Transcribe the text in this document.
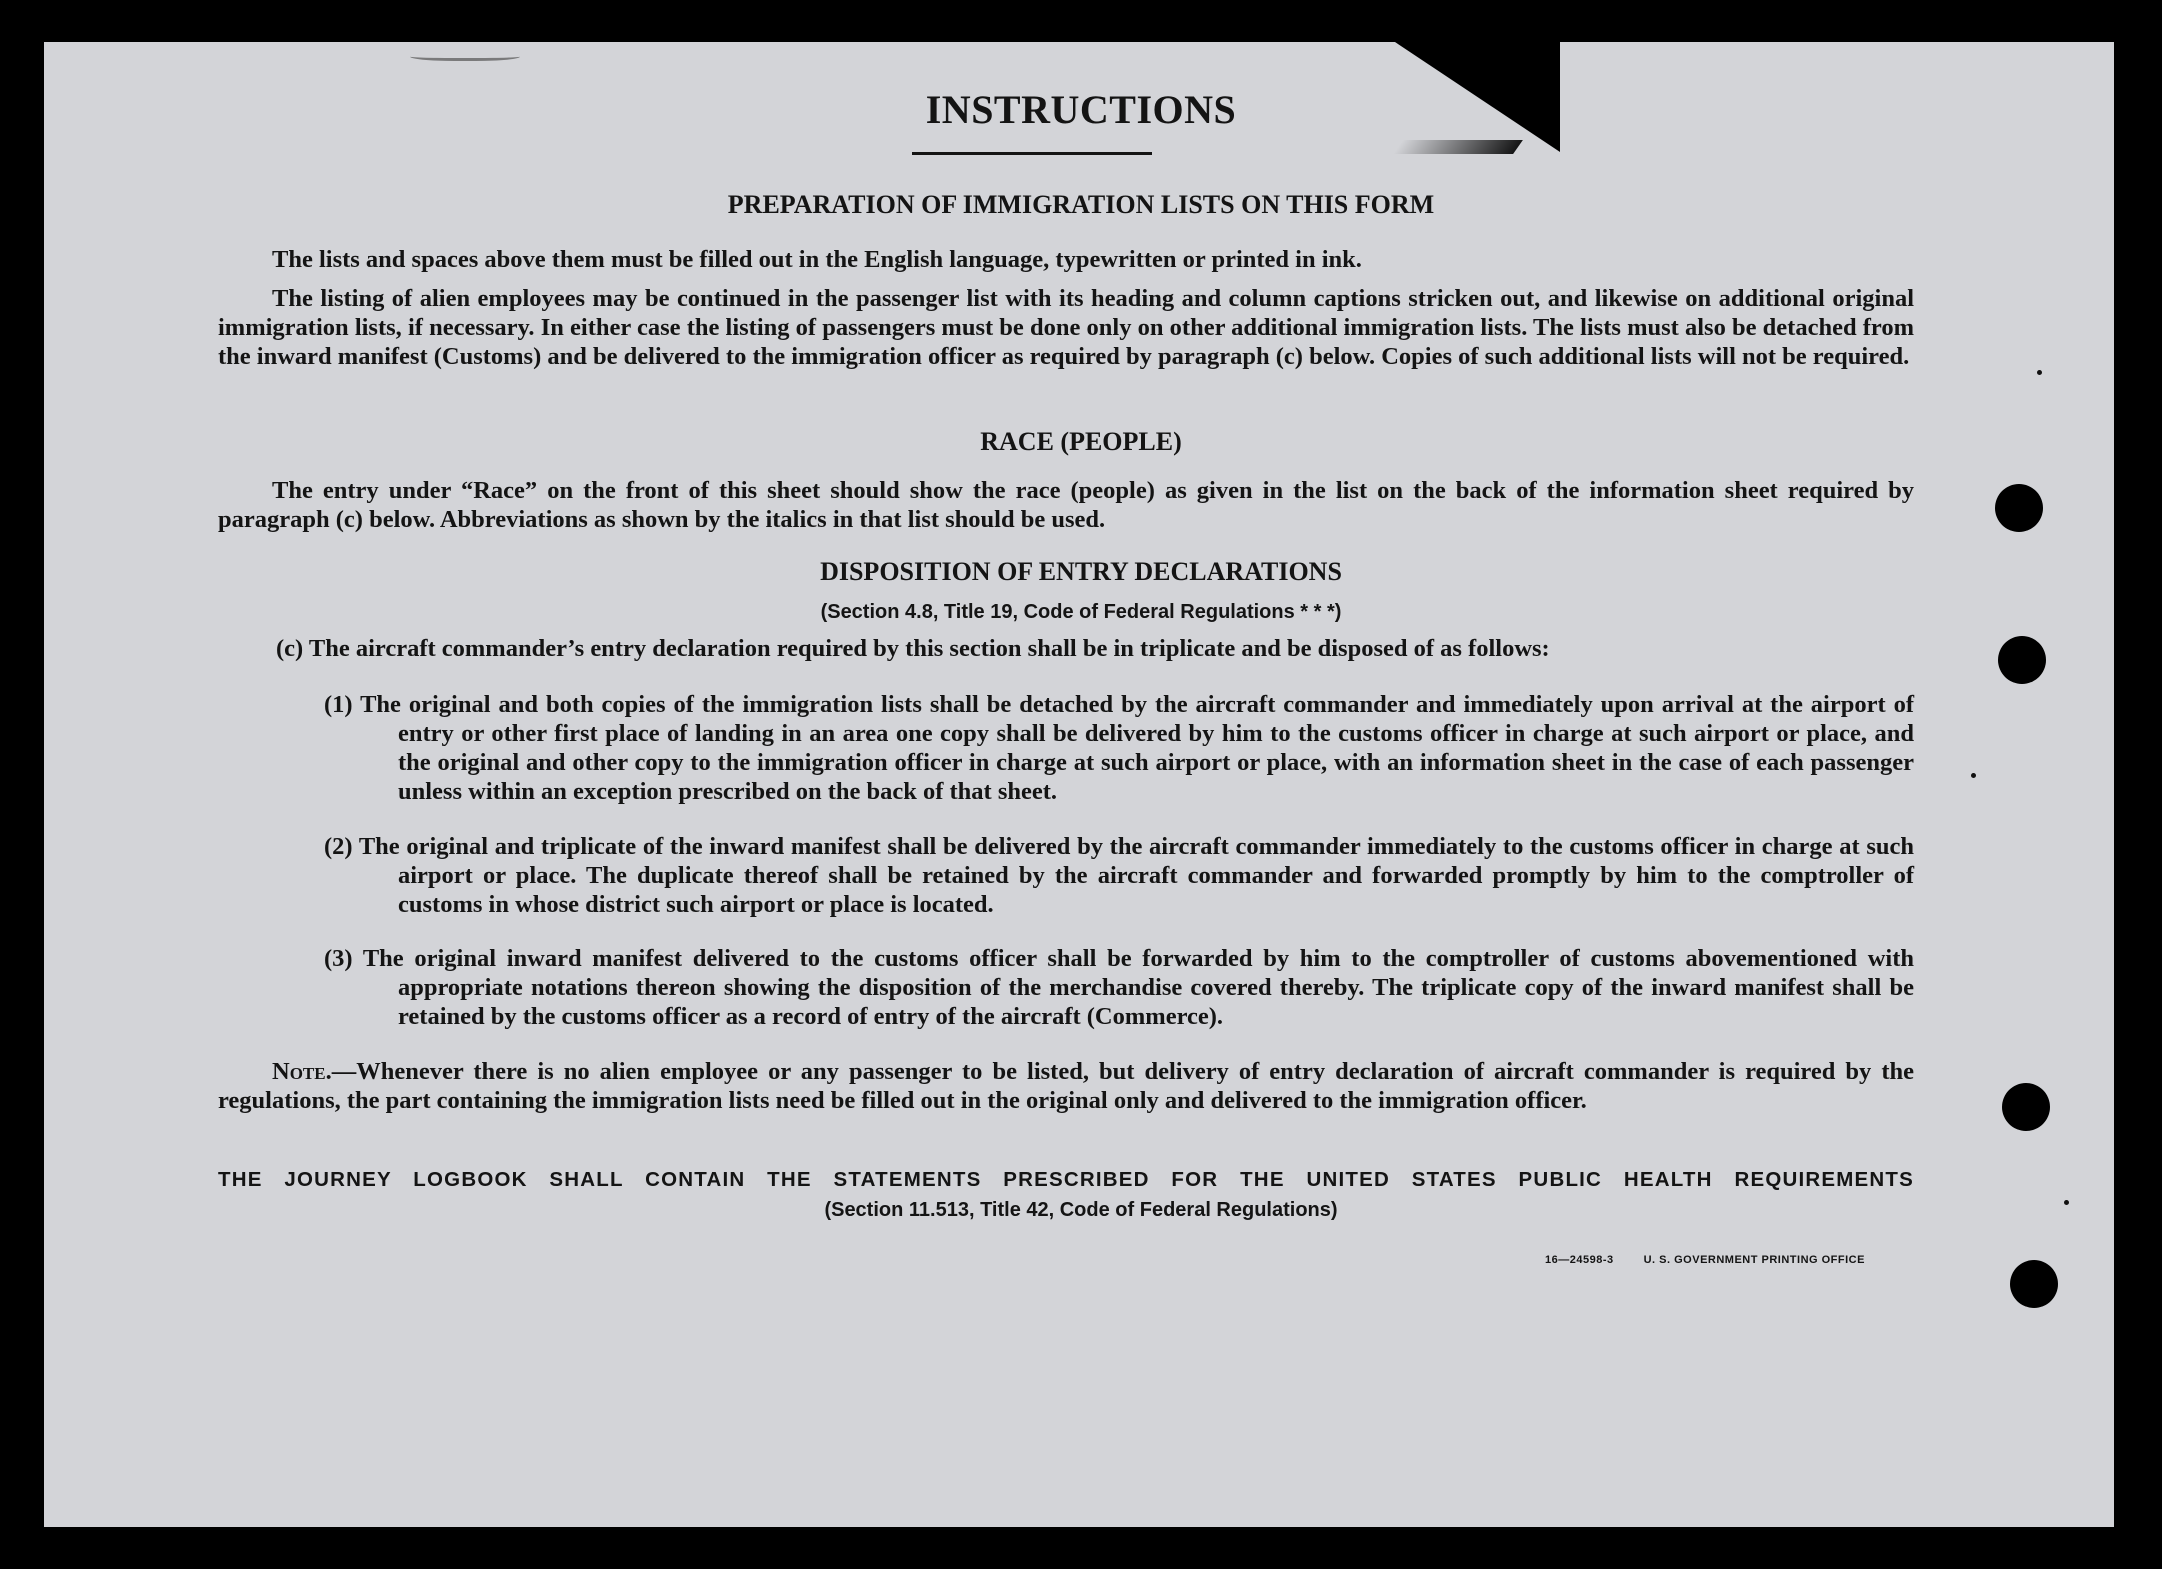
INSTRUCTIONS
PREPARATION OF IMMIGRATION LISTS ON THIS FORM
The lists and spaces above them must be filled out in the English language, typewritten or printed in ink.
The listing of alien employees may be continued in the passenger list with its heading and column captions stricken out, and likewise on additional original immigration lists, if necessary. In either case the listing of passengers must be done only on other additional immigration lists. The lists must also be detached from the inward manifest (Customs) and be delivered to the immigration officer as required by paragraph (c) below. Copies of such additional lists will not be required.
RACE (PEOPLE)
The entry under “Race” on the front of this sheet should show the race (people) as given in the list on the back of the information sheet required by paragraph (c) below. Abbreviations as shown by the italics in that list should be used.
DISPOSITION OF ENTRY DECLARATIONS
(Section 4.8, Title 19, Code of Federal Regulations * * *)
(c) The aircraft commander’s entry declaration required by this section shall be in triplicate and be disposed of as follows:
(1) The original and both copies of the immigration lists shall be detached by the aircraft commander and immediately upon arrival at the airport of entry or other first place of landing in an area one copy shall be delivered by him to the customs officer in charge at such airport or place, and the original and other copy to the immigration officer in charge at such airport or place, with an information sheet in the case of each passenger unless within an exception prescribed on the back of that sheet.
(2) The original and triplicate of the inward manifest shall be delivered by the aircraft commander immediately to the customs officer in charge at such airport or place. The duplicate thereof shall be retained by the aircraft commander and forwarded promptly by him to the comptroller of customs in whose district such airport or place is located.
(3) The original inward manifest delivered to the customs officer shall be forwarded by him to the comptroller of customs abovementioned with appropriate notations thereon showing the disposition of the merchandise covered thereby. The triplicate copy of the inward manifest shall be retained by the customs officer as a record of entry of the aircraft (Commerce).
Note.—Whenever there is no alien employee or any passenger to be listed, but delivery of entry declaration of aircraft commander is required by the regulations, the part containing the immigration lists need be filled out in the original only and delivered to the immigration officer.
THE JOURNEY LOGBOOK SHALL CONTAIN THE STATEMENTS PRESCRIBED FOR THE UNITED STATES PUBLIC HEALTH REQUIREMENTS
(Section 11.513, Title 42, Code of Federal Regulations)
16—24598-3	U. S. GOVERNMENT PRINTING OFFICE
